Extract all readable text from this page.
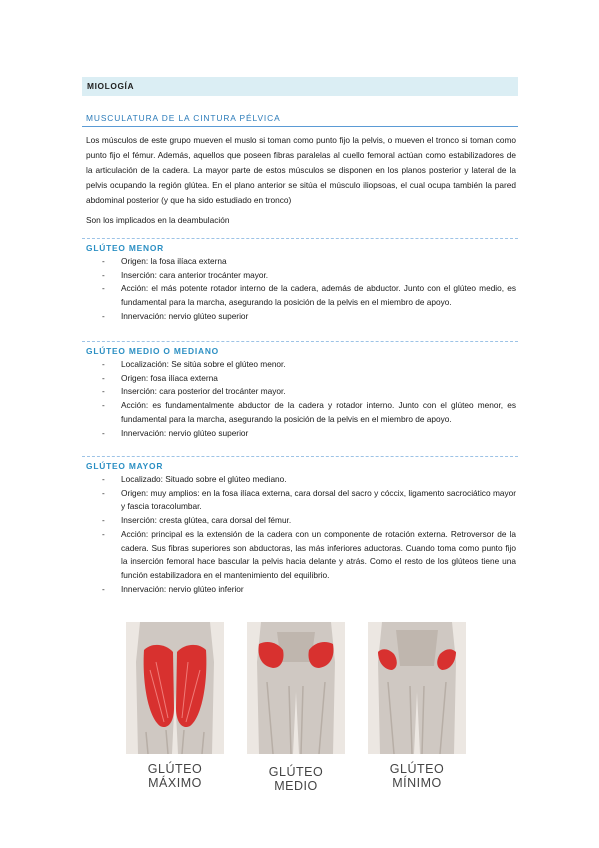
MIOLOGÍA
MUSCULATURA DE LA CINTURA PÉLVICA
Los músculos de este grupo mueven el muslo si toman como punto fijo la pelvis, o mueven el tronco si toman como punto fijo el fémur. Además, aquellos que poseen fibras paralelas al cuello femoral actúan como estabilizadores de la articulación de la cadera. La mayor parte de estos músculos se disponen en los planos posterior y lateral de la pelvis ocupando la región glútea. En el plano anterior se sitúa el músculo iliopsoas, el cual ocupa también la pared abdominal posterior (y que ha sido estudiado en tronco)
Son los implicados en la deambulación
GLÚTEO MENOR
- Origen: la fosa ilíaca externa
- Inserción: cara anterior trocánter mayor.
- Acción: el más potente rotador interno de la cadera, además de abductor. Junto con el glúteo medio, es fundamental para la marcha, asegurando la posición de la pelvis en el miembro de apoyo.
- Innervación: nervio glúteo superior
GLÚTEO MEDIO O MEDIANO
- Localización: Se sitúa sobre el glúteo menor.
- Origen: fosa ilíaca externa
- Inserción: cara posterior del trocánter mayor.
- Acción: es fundamentalmente abductor de la cadera y rotador interno. Junto con el glúteo menor, es fundamental para la marcha, asegurando la posición de la pelvis en el miembro de apoyo.
- Innervación: nervio glúteo superior
GLÚTEO MAYOR
- Localizado: Situado sobre el glúteo mediano.
- Origen: muy amplios: en la fosa ilíaca externa, cara dorsal del sacro y cóccix, ligamento sacrociático mayor y fascia toracolumbar.
- Inserción: cresta glútea, cara dorsal del fémur.
- Acción: principal es la extensión de la cadera con un componente de rotación externa. Retroversor de la cadera. Sus fibras superiores son abductoras, las más inferiores aductoras. Cuando toma como punto fijo la inserción femoral hace bascular la pelvis hacia delante y atrás. Como el resto de los glúteos tiene una función estabilizadora en el mantenimiento del equilibrio.
- Innervación: nervio glúteo inferior
GLÚTEO
MÁXIMO
GLÚTEO
MEDIO
GLÚTEO
MÍNIMO
